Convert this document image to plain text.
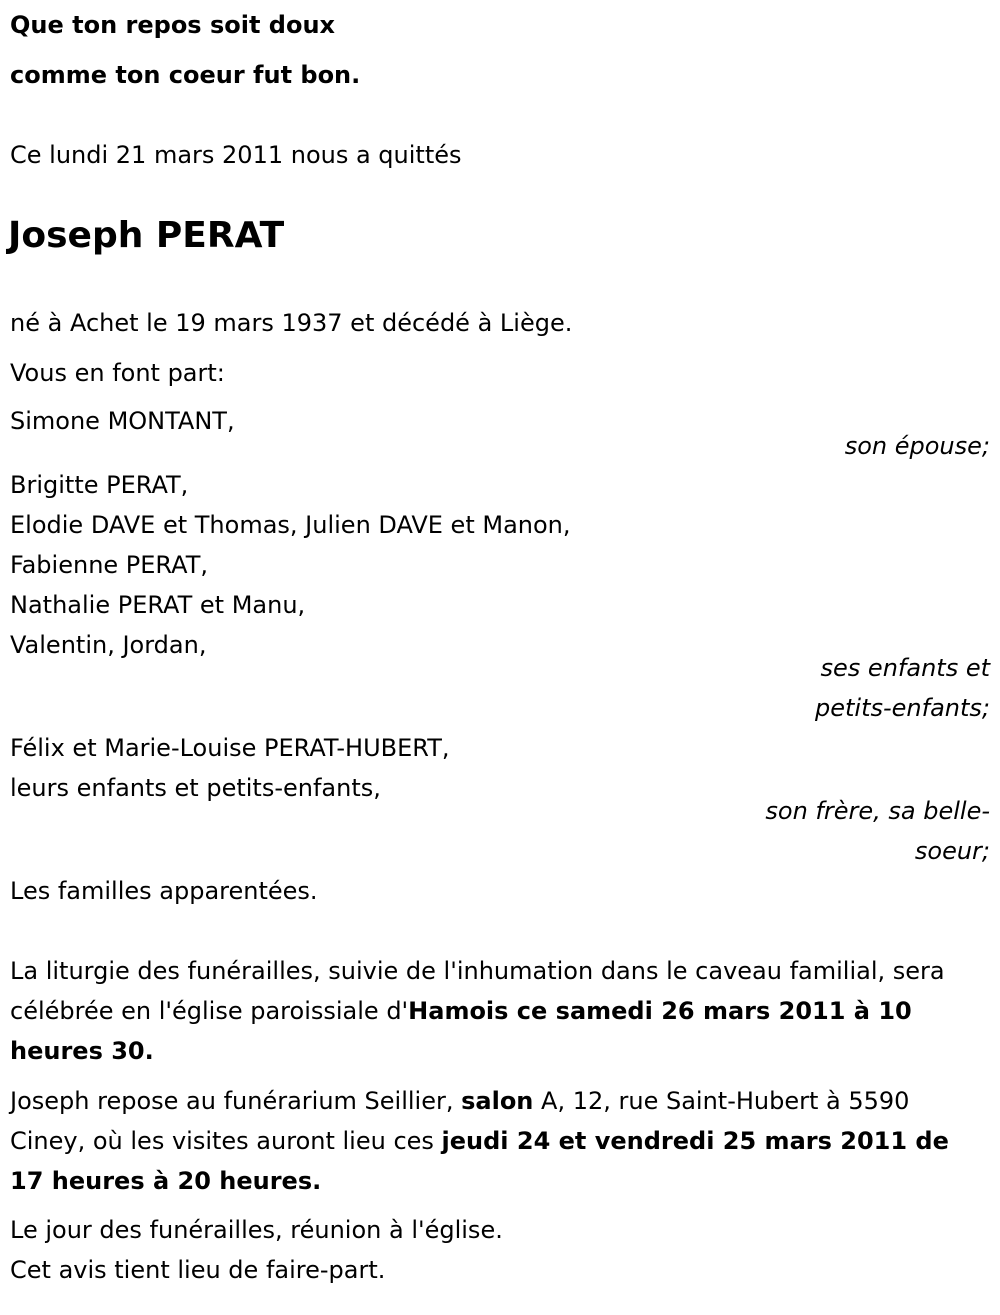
Que ton repos soit doux

comme ton coeur fut bon.

Ce lundi 21 mars 2011 nous a quittés

Joseph PERAT

né à Achet le 19 mars 1937 et décédé à Liège.

Vous en font part:

Simone MONTANT,

son épouse;

Brigitte PERAT,
Elodie DAVE et Thomas, Julien DAVE et Manon,
Fabienne PERAT,
Nathalie PERAT et Manu,
Valentin, Jordan,

ses enfants et
petits-enfants;

Félix et Marie-Louise PERAT-HUBERT,
leurs enfants et petits-enfants,

son frère, sa belle-
soeur;

Les familles apparentées.

La liturgie des funérailles, suivie de l'inhumation dans le caveau familial, sera célébrée en l'église paroissiale d'Hamois ce samedi 26 mars 2011 à 10 heures 30.

Joseph repose au funérarium Seillier, salon A, 12, rue Saint-Hubert à 5590 Ciney, où les visites auront lieu ces jeudi 24 et vendredi 25 mars 2011 de 17 heures à 20 heures.

Le jour des funérailles, réunion à l'église.

Cet avis tient lieu de faire-part.
